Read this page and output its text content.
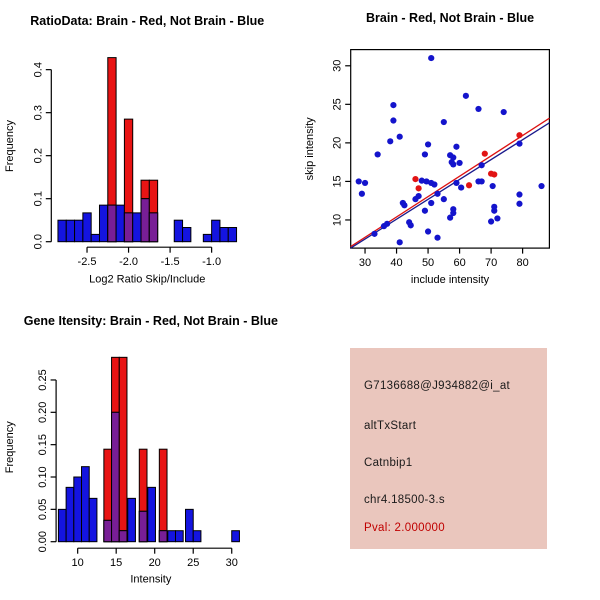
-2.5 -2.0 -1.5 -1.0
0.0
0.1
0.2
0.3
0.4
RatioData: Brain - Red, Not Brain - Blue
Log2 Ratio Skip/Include
Frequency
30 40 50 60 70 80
10
15
20
25
30
Brain - Red, Not Brain - Blue
include intensity
skip intensity
10 15 20 25 30
0.00
0.05
0.10
0.15
0.20
0.25
Gene Itensity: Brain - Red, Not Brain - Blue
Intensity
Frequency
G7136688@J934882@i_at
altTxStart
Catnbip1
chr4.18500-3.s
Pval: 2.000000
